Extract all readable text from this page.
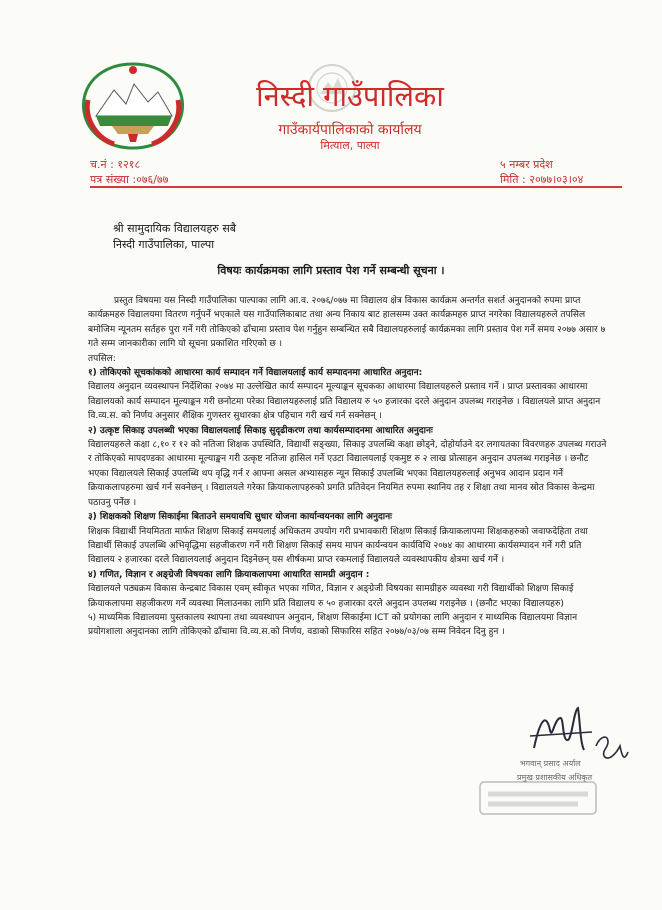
निस्दी गाउँपालिका
गाउँकार्यपालिकाको कार्यालय
मित्याल, पाल्पा
च.नं : १२१८
पत्र संख्या :०७६/७७
५ नम्बर प्रदेश
मिति : २०७७।०३।०४
श्री सामुदायिक विद्यालयहरु सबै
निस्दी गाउँपालिका, पाल्पा
विषयः कार्यक्रमका लागि प्रस्ताव पेश गर्ने सम्बन्धी सूचना ।

प्रस्तुत विषयमा यस निस्दी गाउँपालिका पाल्पाका लागि आ.व. २०७६/०७७ मा विद्यालय क्षेत्र विकास कार्यक्रम अन्तर्गत सशर्त अनुदानको रुपमा प्राप्त कार्यक्रमहरु विद्यालयमा वितरण गर्नुपर्ने भएकाले यस गाउँपालिकाबाट तथा अन्य निकाय बाट हालसम्म उक्त कार्यक्रमहरु प्राप्त नगरेका विद्यालयहरुले तपसिल बमोजिम न्यूनतम सर्तहरु पुरा गर्ने गरी तोकिएको ढाँचामा प्रस्ताव पेश गर्नुहुन सम्बन्धित सबै विद्यालयहरुलाई कार्यक्रमका लागि प्रस्ताव पेश गर्ने समय २०७७ असार ७ गते सम्म जानकारीका लागि यो सूचना प्रकाशित गरिएको छ ।

तपसिल:

१) तोकिएको सूचकांकको आधारमा कार्य सम्पादन गर्ने विद्यालयलाई कार्य सम्पादनमा आधारित अनुदान:

विद्यालय अनुदान व्यवस्थापन निर्देशिका २०७४ मा उल्लेखित कार्य सम्पादन मूल्याङ्कन सूचकका आधारमा विद्यालयहरुले प्रस्ताव गर्ने । प्राप्त प्रस्तावका आधारमा विद्यालयको कार्य सम्पादन मूल्याङ्कन गरी छनोटमा परेका विद्यालयहरुलाई प्रति विद्यालय रु ५० हजारका दरले अनुदान उपलब्ध गराइनेछ । विद्यालयले प्राप्त अनुदान वि.व्य.स. को निर्णय अनुसार शैक्षिक गुणस्तर सुधारका क्षेत्र पहिचान गरी खर्च गर्न सक्नेछन् ।

२) उत्कृष्ट सिकाइ उपलब्धी भएका विद्यालयलाई सिकाइ सुदृढीकरण तथा कार्यसम्पादनमा आधारित अनुदानः

विद्यालयहरुले कक्षा ८,१० र १२ को नतिजा शिक्षक उपस्थिति, विद्यार्थी सङ्ख्या, सिकाइ उपलब्धि कक्षा छोड्ने, दोहोर्याउने दर लगायतका विवरणहरु उपलब्ध गराउने र तोकिएको मापदण्डका आधारमा मूल्याङ्कन गरी उत्कृष्ट नतिजा हासिल गर्ने एउटा विद्यालयलाई एकमुष्ट रु २ लाख प्रोत्साहन अनुदान उपलब्ध गराइनेछ । छनौट भएका विद्यालयले सिकाई उपलब्धि थप वृद्धि गर्न र आफ्ना असल अभ्यासहरु न्यून सिकाई उपलब्धि भएका विद्यालयहरुलाई अनुभव आदान प्रदान गर्ने क्रियाकलापहरुमा खर्च गर्न सक्नेछन् । विद्यालयले गरेका क्रियाकलापहरुको प्रगति प्रतिवेदन नियमित रुपमा स्थानिय तह र शिक्षा तथा मानव स्रोत विकास केन्द्रमा पठाउनु पर्नेछ ।

३) शिक्षकको शिक्षण सिकाईमा बिताउने समयावधि सुधार योजना कार्यान्वयनका लागि अनुदानः

शिक्षक विद्यार्थी नियमितता मार्फत शिक्षण सिकाई समयलाई अधिकतम उपयोग गरी प्रभावकारी शिक्षण सिकाई क्रियाकलापमा शिक्षकहरुको जवाफदेहिता तथा विद्यार्थी सिकाई उपलब्धि अभिवृद्धिमा सहजीकरण गर्ने गरी शिक्षण सिकाई समय मापन कार्यन्वयन कार्यविधि २०७४ का आधारमा कार्यसम्पादन गर्ने गरी प्रति विद्यालय २ हजारका दरले विद्यालयलाई अनुदान दिइनेछन् यस शीर्षकमा प्राप्त रकमलाई विद्यालयले व्यवस्थापकीय क्षेत्रमा खर्च गर्ने ।

४) गणित, विज्ञान र अङ्ग्रेजी विषयका लागि क्रियाकलापमा आधारित सामग्री अनुदान :

विद्यालयले पठ्यक्रम विकास केन्द्रबाट विकास एवम् स्वीकृत भएका गणित, विज्ञान र अङ्ग्रेजी विषयका सामग्रीहरु व्यवस्था गरी विद्यार्थीको शिक्षण सिकाई क्रियाकलापमा सहजीकरण गर्ने व्यवस्था मिलाउनका लागि प्रति विद्यालय रु ५० हजारका दरले अनुदान उपलब्ध गराइनेछ । (छनौट भएका विद्यालयहरु)

५) माध्यमिक विद्यालयमा पुस्तकालय स्थापना तथा व्यवस्थापन अनुदान, शिक्षण सिकाईमा ICT को प्रयोगका लागि अनुदान र माध्यमिक विद्यालयमा विज्ञान प्रयोगशाला अनुदानका लागि तोकिएको ढाँचामा वि.व्य.स.को निर्णय, वडाको सिफारिस सहित २०७७/०३/०७ सम्म निवेदन दिनु हुन ।

भगवान् प्रसाद अर्याल
प्रमुख प्रशासकीय अधिकृत
